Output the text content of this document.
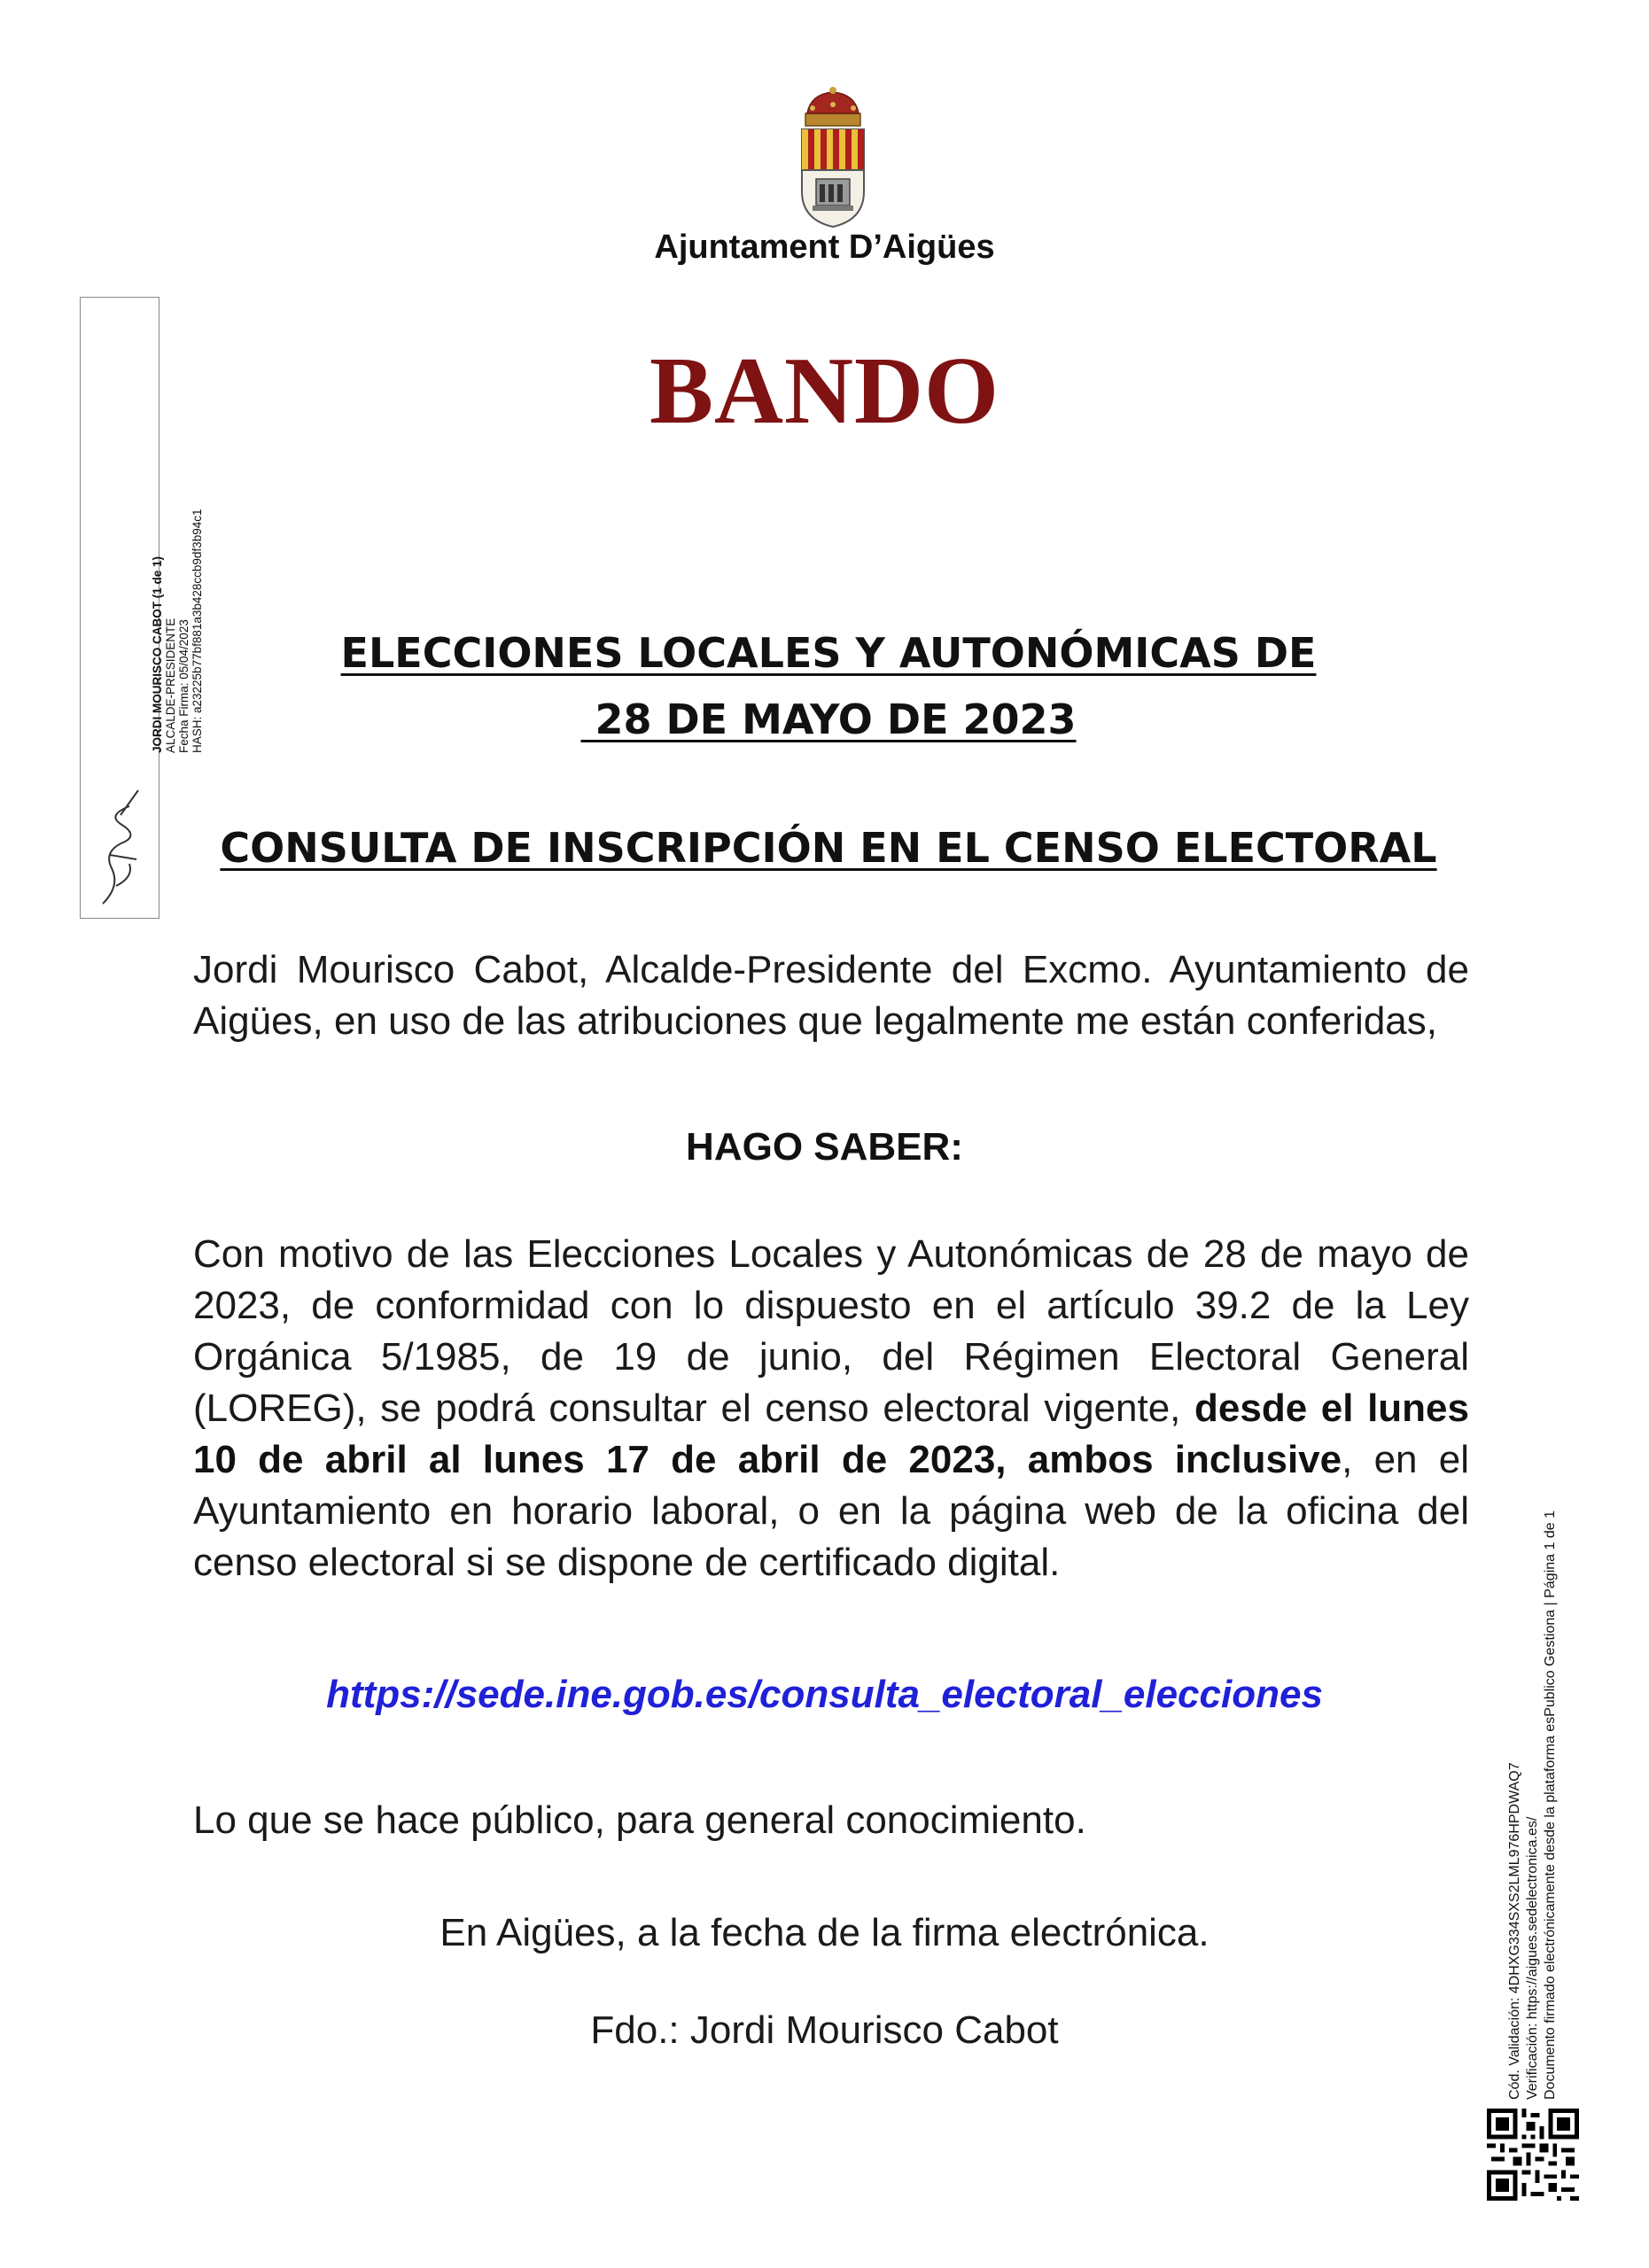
Ajuntament D’Aigües
BANDO
ELECCIONES LOCALES Y AUTONÓMICAS DE
28 DE MAYO DE 2023
CONSULTA DE INSCRIPCIÓN EN EL CENSO ELECTORAL
Jordi Mourisco Cabot, Alcalde-Presidente del Excmo. Ayuntamiento de Aigües, en uso de las atribuciones que legalmente me están conferidas,
HAGO SABER:
Con motivo de las Elecciones Locales y Autonómicas de 28 de mayo de 2023, de conformidad con lo dispuesto en el artículo 39.2 de la Ley Orgánica 5/1985, de 19 de junio, del Régimen Electoral General (LOREG), se podrá consultar el censo electoral vigente, desde el lunes 10 de abril al lunes 17 de abril de 2023, ambos inclusive, en el Ayuntamiento en horario laboral, o en la página web de la oficina del censo electoral si se dispone de certificado digital.
https://sede.ine.gob.es/consulta_electoral_elecciones
Lo que se hace público, para general conocimiento.
En Aigües, a la fecha de la firma electrónica.
Fdo.: Jordi Mourisco Cabot
JORDI MOURISCO CABOT (1 de 1) ALCALDE-PRESIDENTE Fecha Firma: 05/04/2023 HASH: a23225b77bf881a3b428ccb9df3b94c1
Cód. Validación: 4DHXG334SXS2LML976HPDWAQ7 Verificación: https://aigues.sedelectronica.es/ Documento firmado electrónicamente desde la plataforma esPublico Gestiona | Página 1 de 1
